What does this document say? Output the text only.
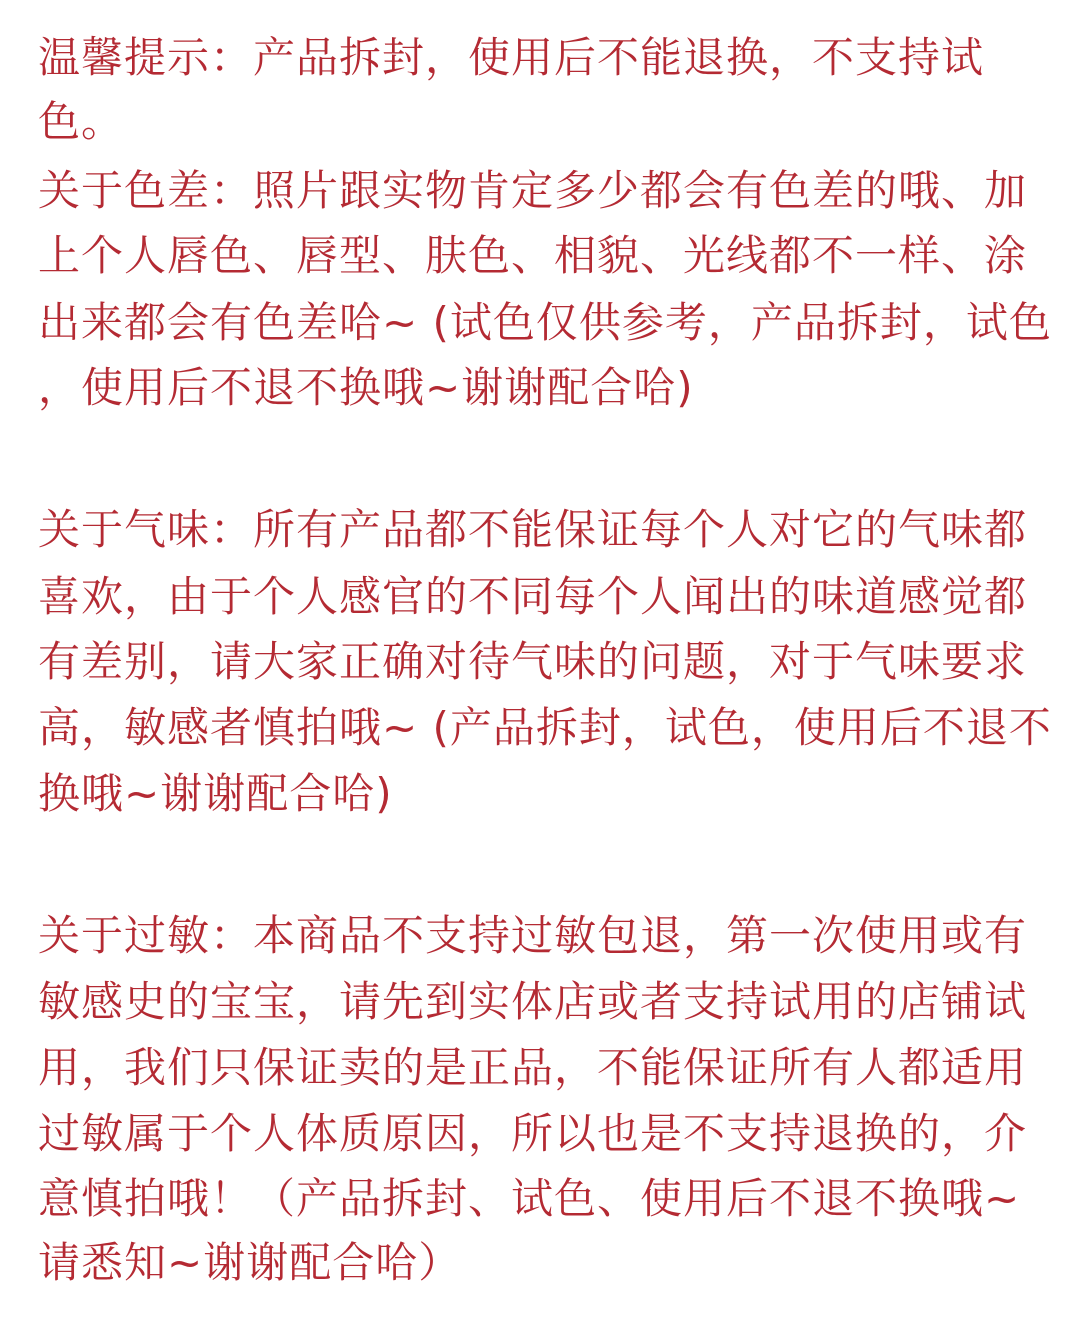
温馨提示：产品拆封，使用后不能退换，不支持试

色。

关于色差：照片跟实物肯定多少都会有色差的哦、加

上个人唇色、唇型、肤色、相貌、光线都不一样、涂

出来都会有色差哈~ (试色仅供参考，产品拆封，试色

，使用后不退不换哦~谢谢配合哈)

关于气味：所有产品都不能保证每个人对它的气味都

喜欢，由于个人感官的不同每个人闻出的味道感觉都

有差别，请大家正确对待气味的问题，对于气味要求

高，敏感者慎拍哦~ (产品拆封，试色，使用后不退不

换哦~谢谢配合哈)

关于过敏：本商品不支持过敏包退，第一次使用或有

敏感史的宝宝，请先到实体店或者支持试用的店铺试

用，我们只保证卖的是正品，不能保证所有人都适用

过敏属于个人体质原因，所以也是不支持退换的，介

意慎拍哦！（产品拆封、试色、使用后不退不换哦~

请悉知~谢谢配合哈）
